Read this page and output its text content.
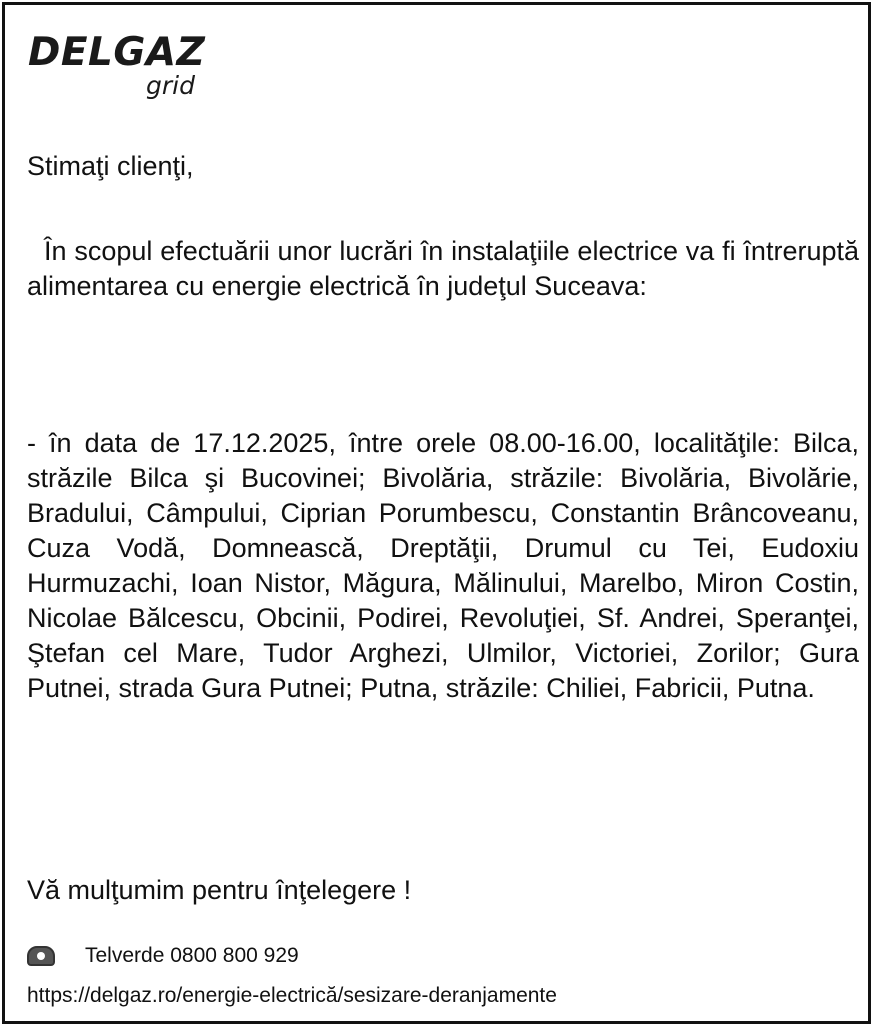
DELGAZ
grid

Stimaţi clienţi,

În scopul efectuării unor lucrări în instalaţiile electrice va fi întreruptă alimentarea cu energie electrică în judeţul Suceava:

- în data de 17.12.2025, între orele 08.00-16.00, localităţile: Bilca, străzile Bilca şi Bucovinei; Bivolăria, străzile: Bivolăria, Bivolărie, Bradului, Câmpului, Ciprian Porumbescu, Constantin Brâncoveanu, Cuza Vodă, Domnească, Dreptăţii, Drumul cu Tei, Eudoxiu Hurmuzachi, Ioan Nistor, Măgura, Mălinului, Marelbo, Miron Costin, Nicolae Bălcescu, Obcinii, Podirei, Revoluţiei, Sf. Andrei, Speranţei, Ştefan cel Mare, Tudor Arghezi, Ulmilor, Victoriei, Zorilor; Gura Putnei, strada Gura Putnei; Putna, străzile: Chiliei, Fabricii, Putna.

Vă mulţumim pentru înţelegere !

Telverde 0800 800 929
https://delgaz.ro/energie-electrică/sesizare-deranjamente
